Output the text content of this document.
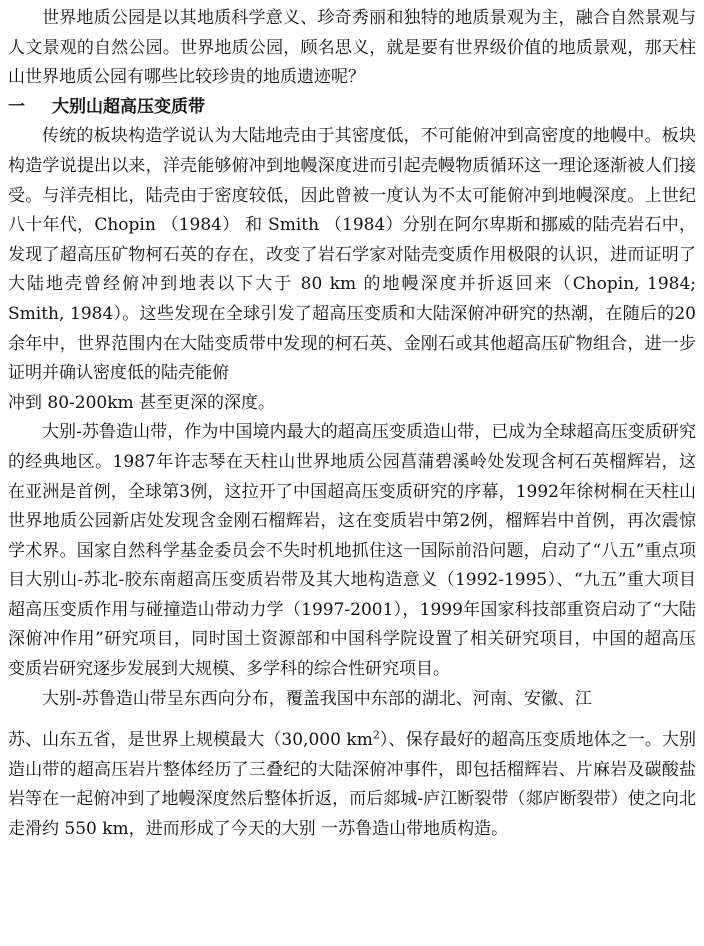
世界地质公园是以其地质科学意义、珍奇秀丽和独特的地质景观为主，融合自然景观与人文景观的自然公园。世界地质公园，顾名思义，就是要有世界级价值的地质景观，那天柱山世界地质公园有哪些比较珍贵的地质遗迹呢？

一 大别山超高压变质带

传统的板块构造学说认为大陆地壳由于其密度低，不可能俯冲到高密度的地幔中。板块构造学说提出以来，洋壳能够俯冲到地幔深度进而引起壳幔物质循环这一理论逐渐被人们接受。与洋壳相比，陆壳由于密度较低，因此曾被一度认为不太可能俯冲到地幔深度。上世纪八十年代，Chopin （1984） 和 Smith （1984）分别在阿尔卑斯和挪威的陆壳岩石中，发现了超高压矿物柯石英的存在，改变了岩石学家对陆壳变质作用极限的认识，进而证明了大陆地壳曾经俯冲到地表以下大于 80 km 的地幔深度并折返回来（Chopin, 1984; Smith, 1984）。这些发现在全球引发了超高压变质和大陆深俯冲研究的热潮，在随后的20 余年中，世界范围内在大陆变质带中发现的柯石英、金刚石或其他超高压矿物组合，进一步证明并确认密度低的陆壳能俯

冲到 80-200km 甚至更深的深度。

大别-苏鲁造山带，作为中国境内最大的超高压变质造山带，已成为全球超高压变质研究的经典地区。1987年许志琴在天柱山世界地质公园菖蒲碧溪岭处发现含柯石英榴辉岩，这在亚洲是首例，全球第3例，这拉开了中国超高压变质研究的序幕，1992年徐树桐在天柱山世界地质公园新店处发现含金刚石榴辉岩，这在变质岩中第2例，榴辉岩中首例，再次震惊学术界。国家自然科学基金委员会不失时机地抓住这一国际前沿问题，启动了“八五”重点项目大别山-苏北-胶东南超高压变质岩带及其大地构造意义（1992-1995）、“九五”重大项目超高压变质作用与碰撞造山带动力学（1997-2001），1999年国家科技部重资启动了“大陆深俯冲作用”研究项目，同时国土资源部和中国科学院设置了相关研究项目，中国的超高压变质岩研究逐步发展到大规模、多学科的综合性研究项目。

大别-苏鲁造山带呈东西向分布，覆盖我国中东部的湖北、河南、安徽、江

苏、山东五省，是世界上规模最大（30,000 $km^2$）、保存最好的超高压变质地体之一。大别造山带的超高压岩片整体经历了三叠纪的大陆深俯冲事件，即包括榴辉岩、片麻岩及碳酸盐岩等在一起俯冲到了地幔深度然后整体折返，而后郯城-庐江断裂带（郯庐断裂带）使之向北走滑约 550 km，进而形成了今天的大别 一苏鲁造山带地质构造。
